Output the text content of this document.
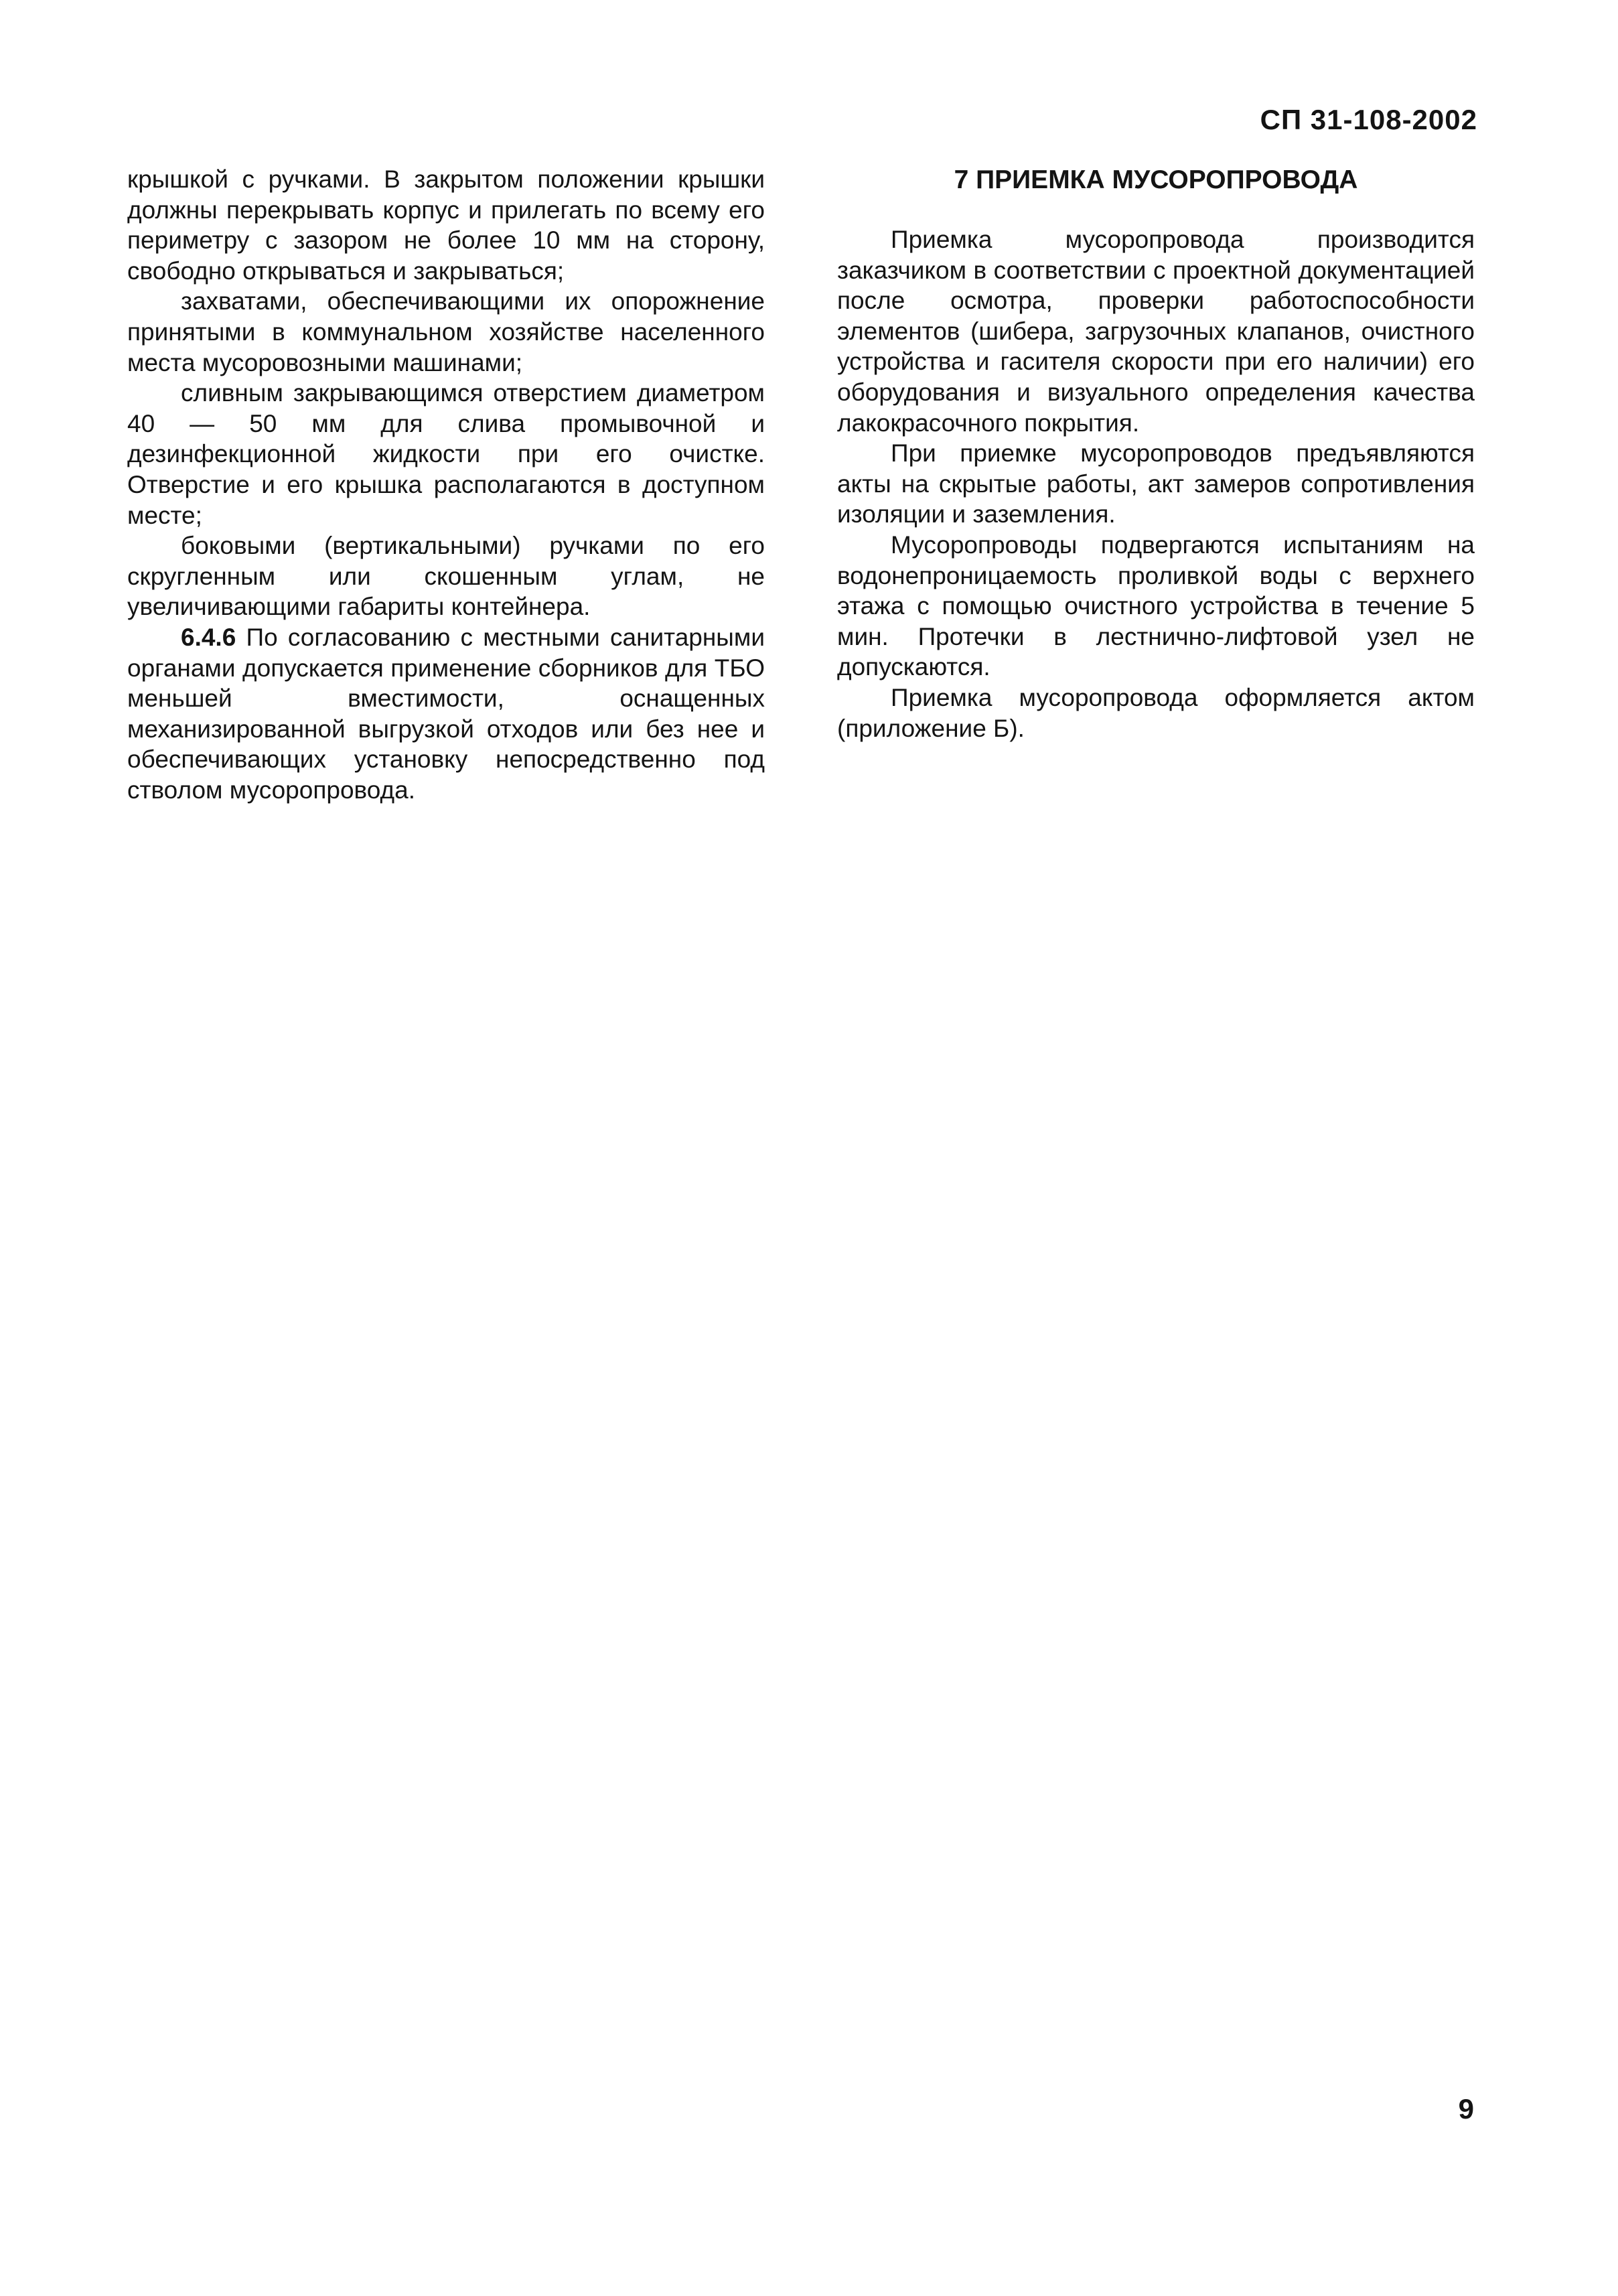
СП 31-108-2002

крышкой с ручками. В закрытом положении крышки должны перекрывать корпус и прилегать по всему его периметру с зазором не более 10 мм на сторону, свободно открываться и закрываться;

захватами, обеспечивающими их опорожнение принятыми в коммунальном хозяйстве населенного места мусоровозными машинами;

сливным закрывающимся отверстием диаметром 40 — 50 мм для слива промывочной и дезинфекционной жидкости при его очистке. Отверстие и его крышка располагаются в доступном месте;

боковыми (вертикальными) ручками по его скругленным или скошенным углам, не увеличивающими габариты контейнера.

6.4.6 По согласованию с местными санитарными органами допускается применение сборников для ТБО меньшей вместимости, оснащенных механизированной выгрузкой отходов или без нее и обеспечивающих установку непосредственно под стволом мусоропровода.

7 ПРИЕМКА МУСОРОПРОВОДА

Приемка мусоропровода производится заказчиком в соответствии с проектной документацией после осмотра, проверки работоспособности элементов (шибера, загрузочных клапанов, очистного устройства и гасителя скорости при его наличии) его оборудования и визуального определения качества лакокрасочного покрытия.

При приемке мусоропроводов предъявляются акты на скрытые работы, акт замеров сопротивления изоляции и заземления.

Мусоропроводы подвергаются испытаниям на водонепроницаемость проливкой воды с верхнего этажа с помощью очистного устройства в течение 5 мин. Протечки в лестнично-лифтовой узел не допускаются.

Приемка мусоропровода оформляется актом (приложение Б).

9
